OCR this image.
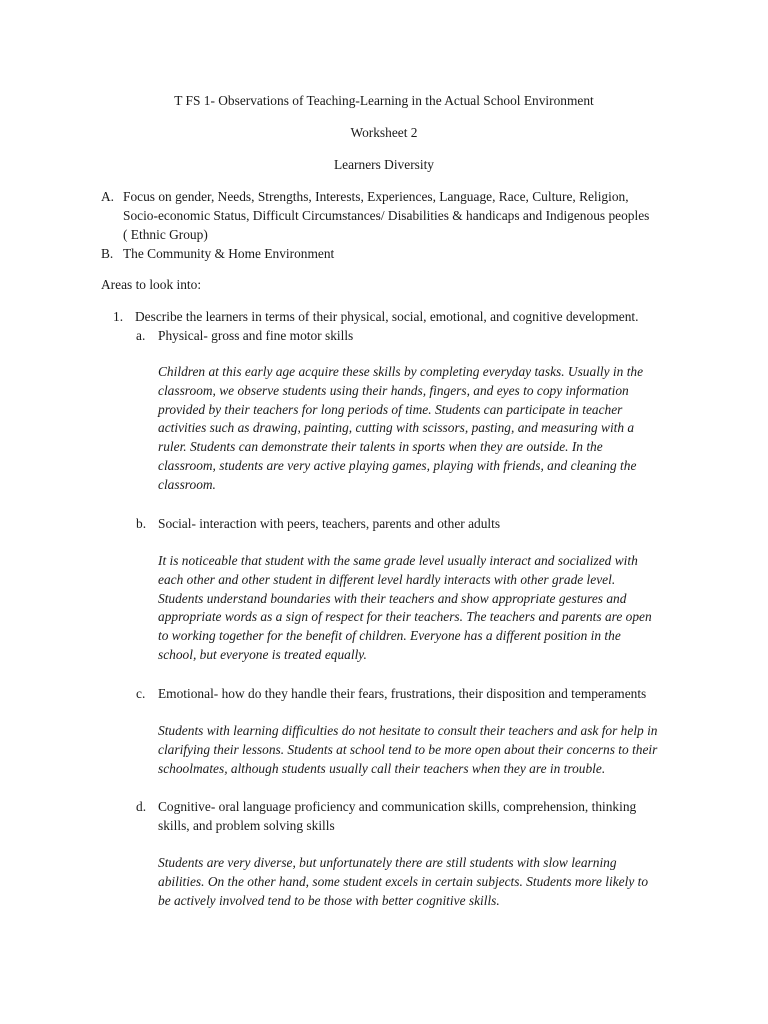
T FS 1- Observations of Teaching-Learning in the Actual School Environment
Worksheet 2
Learners Diversity
A. Focus on gender, Needs, Strengths, Interests, Experiences, Language, Race, Culture, Religion,
Socio-economic Status, Difficult Circumstances/ Disabilities & handicaps and Indigenous peoples
( Ethnic Group)
B. The Community & Home Environment
Areas to look into:
1. Describe the learners in terms of their physical, social, emotional, and cognitive development.
a. Physical- gross and fine motor skills
Children at this early age acquire these skills by completing everyday tasks. Usually in the
classroom, we observe students using their hands, fingers, and eyes to copy information
provided by their teachers for long periods of time. Students can participate in teacher
activities such as drawing, painting, cutting with scissors, pasting, and measuring with a
ruler. Students can demonstrate their talents in sports when they are outside. In the
classroom, students are very active playing games, playing with friends, and cleaning the
classroom.
b. Social- interaction with peers, teachers, parents and other adults
It is noticeable that student with the same grade level usually interact and socialized with
each other and other student in different level hardly interacts with other grade level.
Students understand boundaries with their teachers and show appropriate gestures and
appropriate words as a sign of respect for their teachers. The teachers and parents are open
to working together for the benefit of children. Everyone has a different position in the
school, but everyone is treated equally.
c. Emotional- how do they handle their fears, frustrations, their disposition and temperaments
Students with learning difficulties do not hesitate to consult their teachers and ask for help in
clarifying their lessons. Students at school tend to be more open about their concerns to their
schoolmates, although students usually call their teachers when they are in trouble.
d. Cognitive- oral language proficiency and communication skills, comprehension, thinking
skills, and problem solving skills
Students are very diverse, but unfortunately there are still students with slow learning
abilities. On the other hand, some student excels in certain subjects. Students more likely to
be actively involved tend to be those with better cognitive skills.
